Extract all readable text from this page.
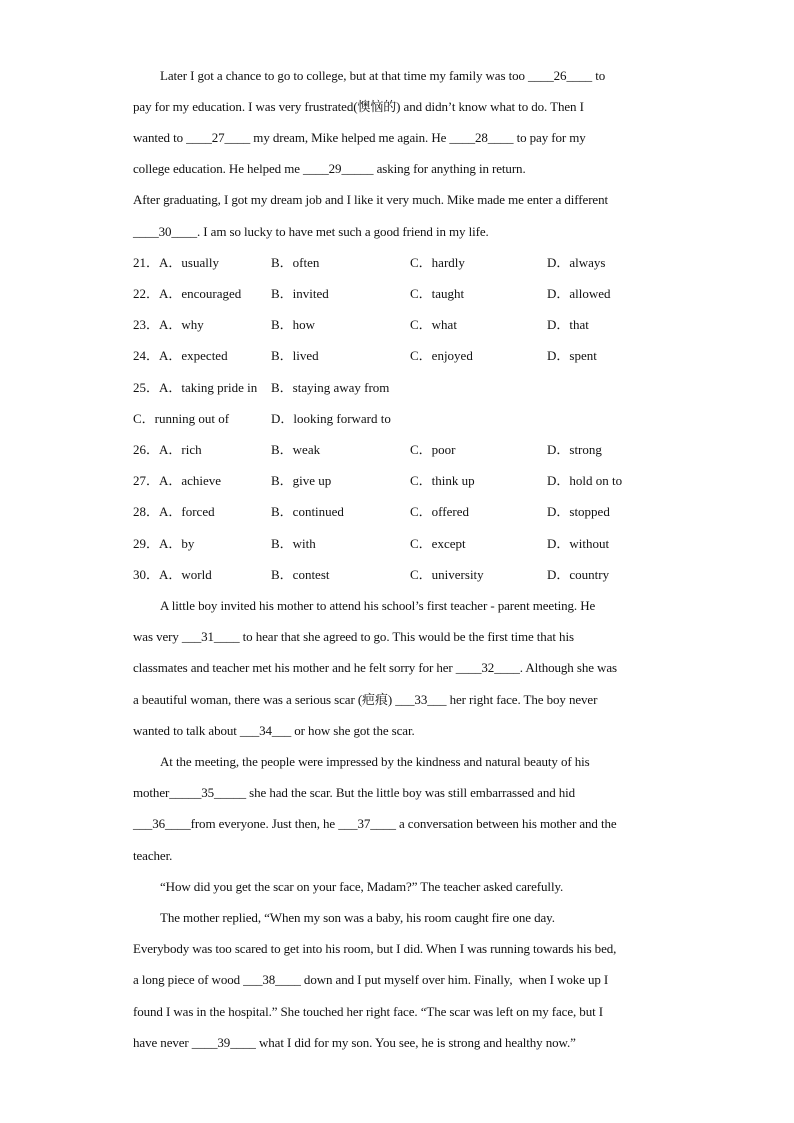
Later I got a chance to go to college, but at that time my family was too ____26____ to
pay for my education. I was very frustrated(懊恼的) and didn’t know what to do. Then I
wanted to ____27____ my dream, Mike helped me again. He ____28____ to pay for my
college education. He helped me ____29_____ asking for anything in return.
After graduating, I got my dream job and I like it very much. Mike made me enter a different
____30____. I am so lucky to have met such a good friend in my life.
21．A．usually	B．often	C．hardly	D．always
22．A．encouraged B．invited	C．taught	D．allowed
23．A．why	B．how	C．what	D．that
24．A．expected	B．lived	C．enjoyed	D．spent
25．A．taking pride in B．staying away from
C．running out of	D．looking forward to
26．A．rich	B．weak	C．poor	D．strong
27．A．achieve	B．give up	C．think up	D．hold on to
28．A．forced	B．continued	C．offered	D．stopped
29．A．by	B．with	C．except	D．without
30．A．world	B．contest	C．university	D．country
A little boy invited his mother to attend his school’s first teacher - parent meeting. He
was very ___31____ to hear that she agreed to go. This would be the first time that his
classmates and teacher met his mother and he felt sorry for her ____32____. Although she was
a beautiful woman, there was a serious scar (疤痕) ___33___ her right face. The boy never
wanted to talk about ___34___ or how she got the scar.
At the meeting, the people were impressed by the kindness and natural beauty of his
mother_____35_____ she had the scar. But the little boy was still embarrassed and hid
___36____from everyone. Just then, he ___37____ a conversation between his mother and the
teacher.
“How did you get the scar on your face, Madam?” The teacher asked carefully.
The mother replied, “When my son was a baby, his room caught fire one day.
Everybody was too scared to get into his room, but I did. When I was running towards his bed,
a long piece of wood ___38____ down and I put myself over him. Finally,  when I woke up I
found I was in the hospital.” She touched her right face. “The scar was left on my face, but I
have never ____39____ what I did for my son. You see, he is strong and healthy now.”
